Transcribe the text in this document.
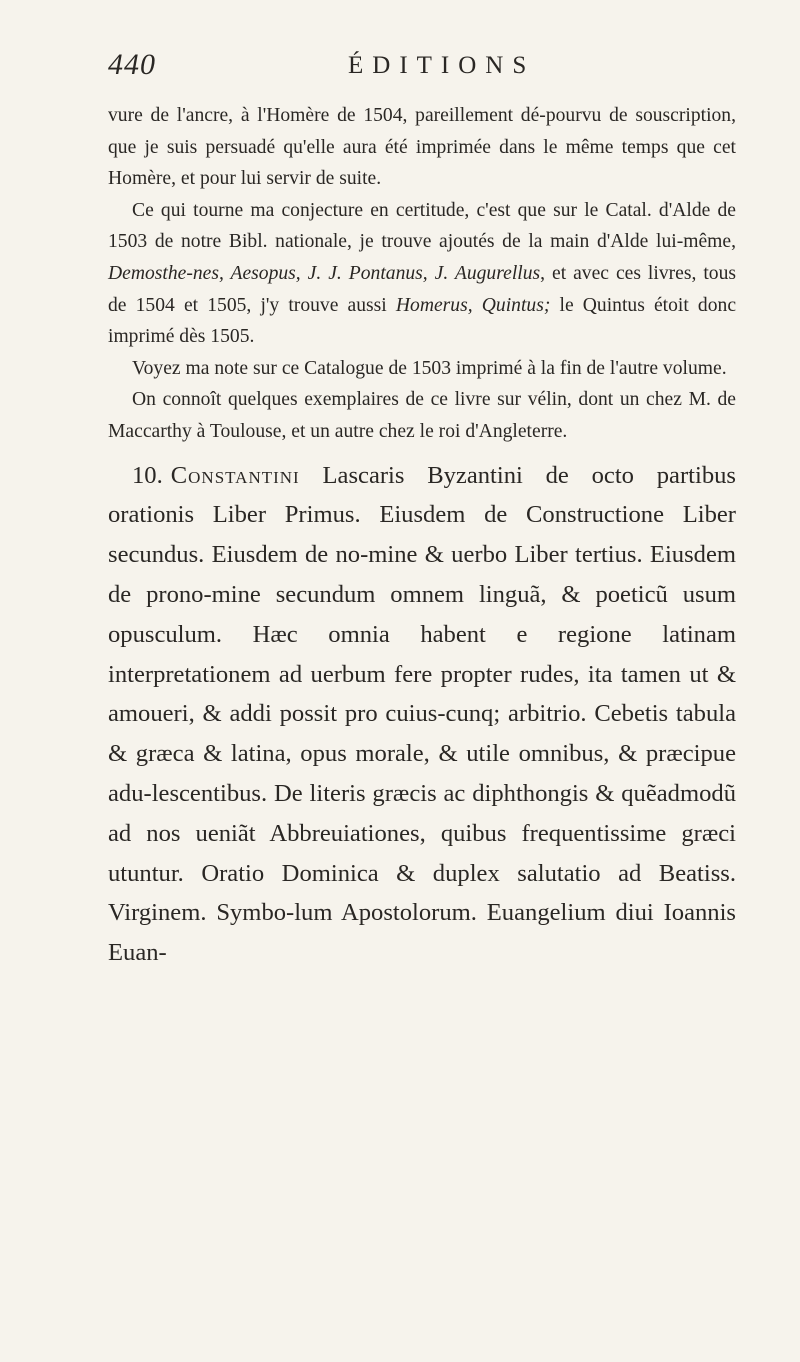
440	ÉDITIONS

vure de l'ancre, à l'Homère de 1504, pareillement dé-pourvu de souscription, que je suis persuadé qu'elle aura été imprimée dans le même temps que cet Homère, et pour lui servir de suite.

Ce qui tourne ma conjecture en certitude, c'est que sur le Catal. d'Alde de 1503 de notre Bibl. nationale, je trouve ajoutés de la main d'Alde lui-même, Demosthe-nes, Aesopus, J. J. Pontanus, J. Augurellus, et avec ces livres, tous de 1504 et 1505, j'y trouve aussi Homerus, Quintus; le Quintus étoit donc imprimé dès 1505.

Voyez ma note sur ce Catalogue de 1503 imprimé à la fin de l'autre volume.

On connoît quelques exemplaires de ce livre sur vélin, dont un chez M. de Maccarthy à Toulouse, et un autre chez le roi d'Angleterre.

10. Constantini Lascaris Byzantini de octo partibus orationis Liber Primus. Eiusdem de Constructione Liber secundus. Eiusdem de no-mine & uerbo Liber tertius. Eiusdem de prono-mine secundum omnem linguã, & poeticũ usum opusculum. Hæc omnia habent e regione latinam interpretationem ad uerbum fere propter rudes, ita tamen ut & amoueri, & addi possit pro cuius-cunq; arbitrio. Cebetis tabula & græca & latina, opus morale, & utile omnibus, & præcipue adu-lescentibus. De literis græcis ac diphthongis & quẽadmodũ ad nos ueniãt Abbreuiationes, quibus frequentissime græci utuntur. Oratio Dominica & duplex salutatio ad Beatiss. Virginem. Symbo-lum Apostolorum. Euangelium diui Ioannis Euan-
